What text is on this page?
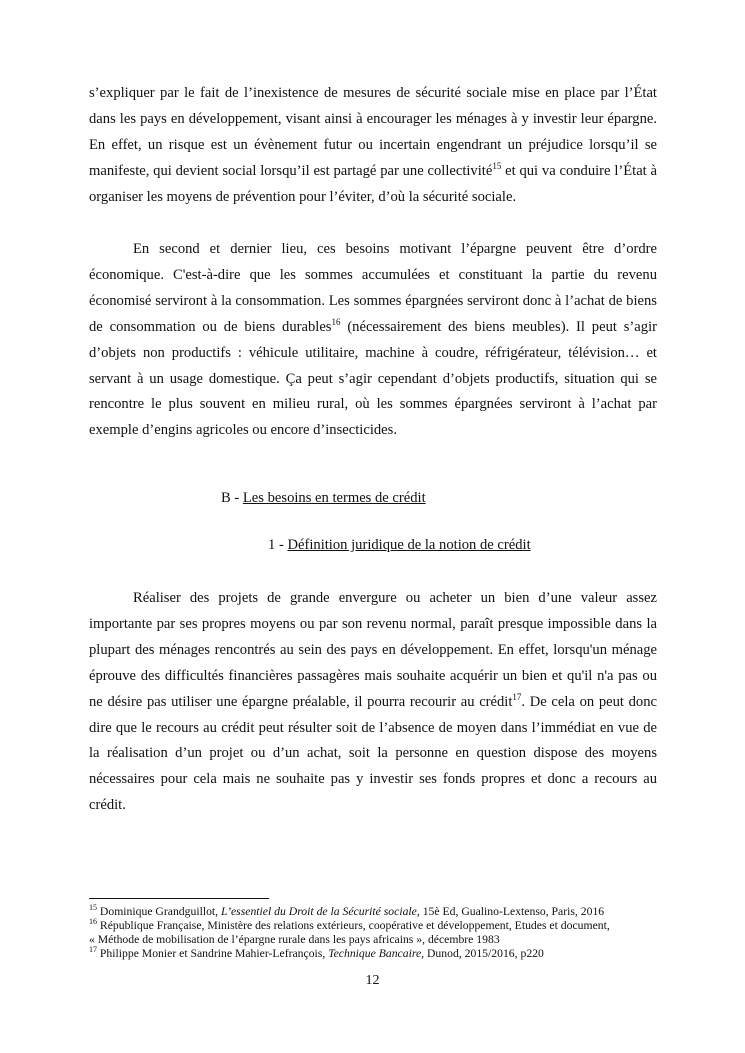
s’expliquer par le fait de l’inexistence de mesures de sécurité sociale mise en place par l’État dans les pays en développement, visant ainsi à encourager les ménages à y investir leur épargne. En effet, un risque est un évènement futur ou incertain engendrant un préjudice lorsqu’il se manifeste, qui devient social lorsqu’il est partagé par une collectivité$^{15}$ et qui va conduire l’État à organiser les moyens de prévention pour l’éviter, d’où la sécurité sociale.

En second et dernier lieu, ces besoins motivant l’épargne peuvent être d’ordre économique. C'est-à-dire que les sommes accumulées et constituant la partie du revenu économisé serviront à la consommation. Les sommes épargnées serviront donc à l’achat de biens de consommation ou de biens durables$^{16}$ (nécessairement des biens meubles). Il peut s’agir d’objets non productifs : véhicule utilitaire, machine à coudre, réfrigérateur, télévision… et servant à un usage domestique. Ça peut s’agir cependant d’objets productifs, situation qui se rencontre le plus souvent en milieu rural, où les sommes épargnées serviront à l’achat par exemple d’engins agricoles ou encore d’insecticides.

B - Les besoins en termes de crédit
1 - Définition juridique de la notion de crédit

Réaliser des projets de grande envergure ou acheter un bien d’une valeur assez importante par ses propres moyens ou par son revenu normal, paraît presque impossible dans la plupart des ménages rencontrés au sein des pays en développement. En effet, lorsqu'un ménage éprouve des difficultés financières passagères mais souhaite acquérir un bien et qu'il n'a pas ou ne désire pas utiliser une épargne préalable, il pourra recourir au crédit$^{17}$. De cela on peut donc dire que le recours au crédit peut résulter soit de l’absence de moyen dans l’immédiat en vue de la réalisation d’un projet ou d’un achat, soit la personne en question dispose des moyens nécessaires pour cela mais ne souhaite pas y investir ses fonds propres et donc a recours au crédit.

$^{15}$ Dominique Grandguillot, L’essentiel du Droit de la Sécurité sociale, 15è Ed, Gualino-Lextenso, Paris, 2016

$^{16}$ République Française, Ministère des relations extérieurs, coopérative et développement, Etudes et document,
« Méthode de mobilisation de l’épargne rurale dans les pays africains », décembre 1983

$^{17}$ Philippe Monier et Sandrine Mahier-Lefrançois, Technique Bancaire, Dunod, 2015/2016, p220

12
